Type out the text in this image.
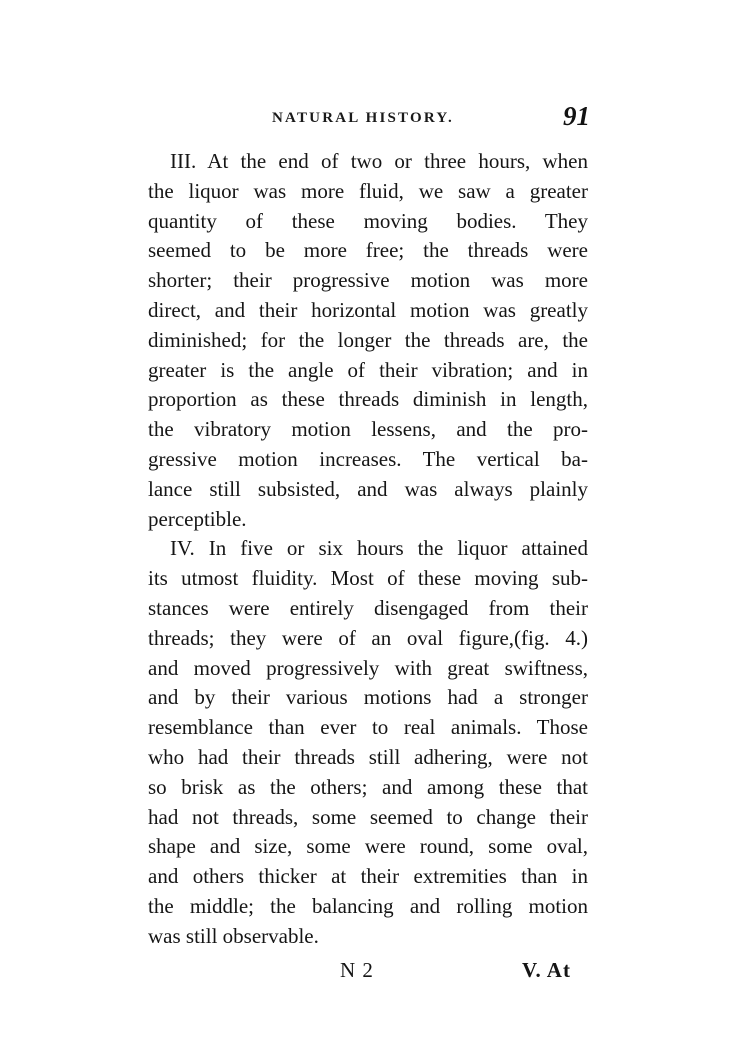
NATURAL HISTORY.	91

III. At the end of two or three hours, when
the liquor was more fluid, we saw a greater
quantity of these moving bodies. They
seemed to be more free; the threads were
shorter; their progressive motion was more
direct, and their horizontal motion was greatly
diminished; for the longer the threads are, the
greater is the angle of their vibration; and in
proportion as these threads diminish in length,
the vibratory motion lessens, and the pro-
gressive motion increases. The vertical ba-
lance still subsisted, and was always plainly
perceptible.

IV. In five or six hours the liquor attained
its utmost fluidity. Most of these moving sub-
stances were entirely disengaged from their
threads; they were of an oval figure,(fig. 4.)
and moved progressively with great swiftness,
and by their various motions had a stronger
resemblance than ever to real animals. Those
who had their threads still adhering, were not
so brisk as the others; and among these that
had not threads, some seemed to change their
shape and size, some were round, some oval,
and others thicker at their extremities than in
the middle; the balancing and rolling motion
was still observable.

N 2	V. At
